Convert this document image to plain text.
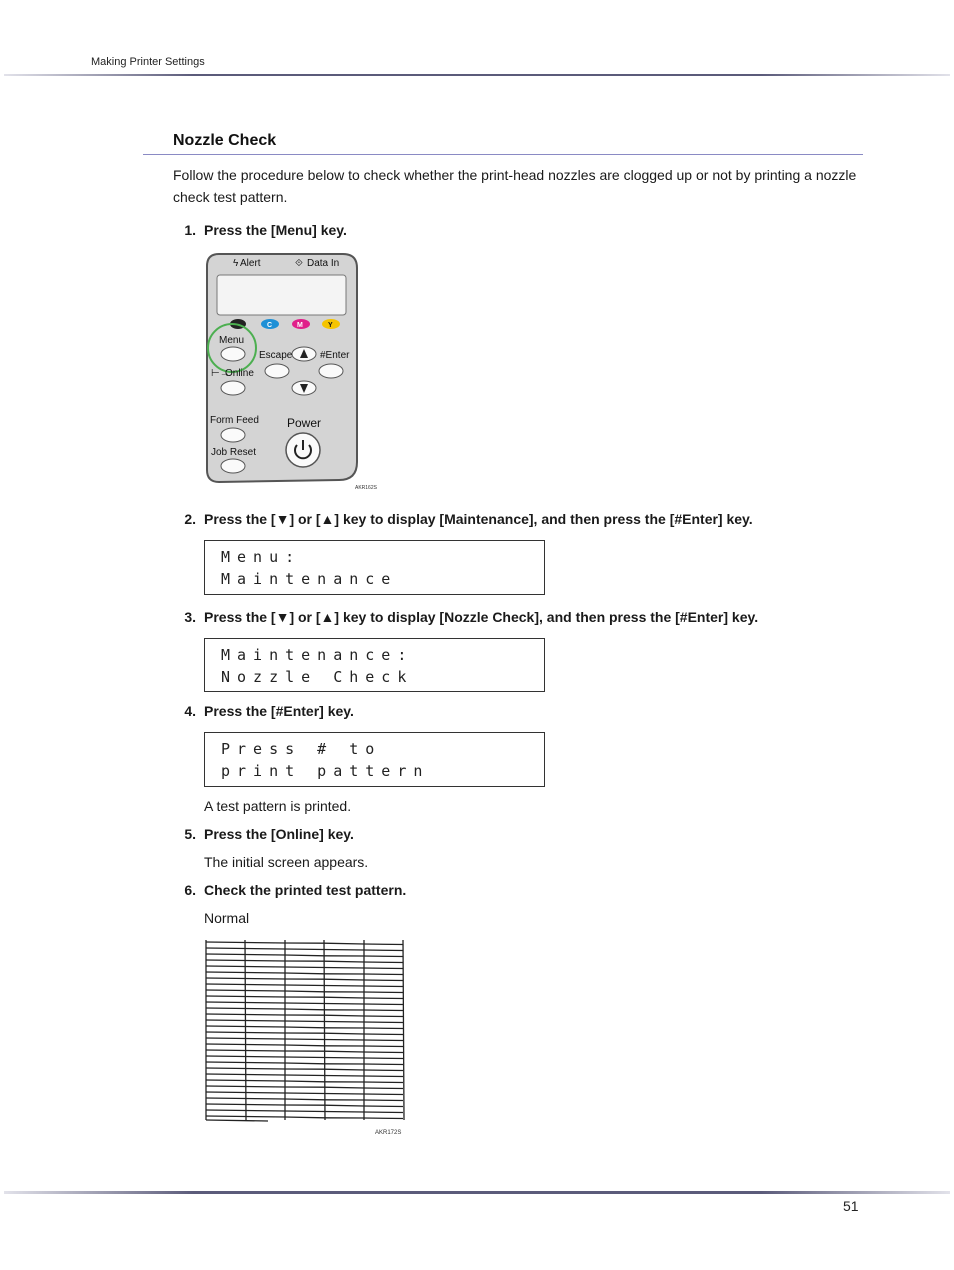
Making Printer Settings
Nozzle Check
Follow the procedure below to check whether the print-head nozzles are clogged up or not by printing a nozzle check test pattern.
1. Press the [Menu] key.
ϟ Alert	⟐ Data In
C	M	Y
Menu
Escape	#Enter
⊢→
Online
Form Feed
Job Reset
Power
AKR162S
2. Press the [▼] or [▲] key to display [Maintenance], and then press the [#Enter] key.
Menu:
Maintenance
3. Press the [▼] or [▲] key to display [Nozzle Check], and then press the [#Enter] key.
Maintenance:
Nozzle Check
4. Press the [#Enter] key.
Press # to
print pattern
A test pattern is printed.
5. Press the [Online] key.
The initial screen appears.
6. Check the printed test pattern.
Normal
AKR172S
51
